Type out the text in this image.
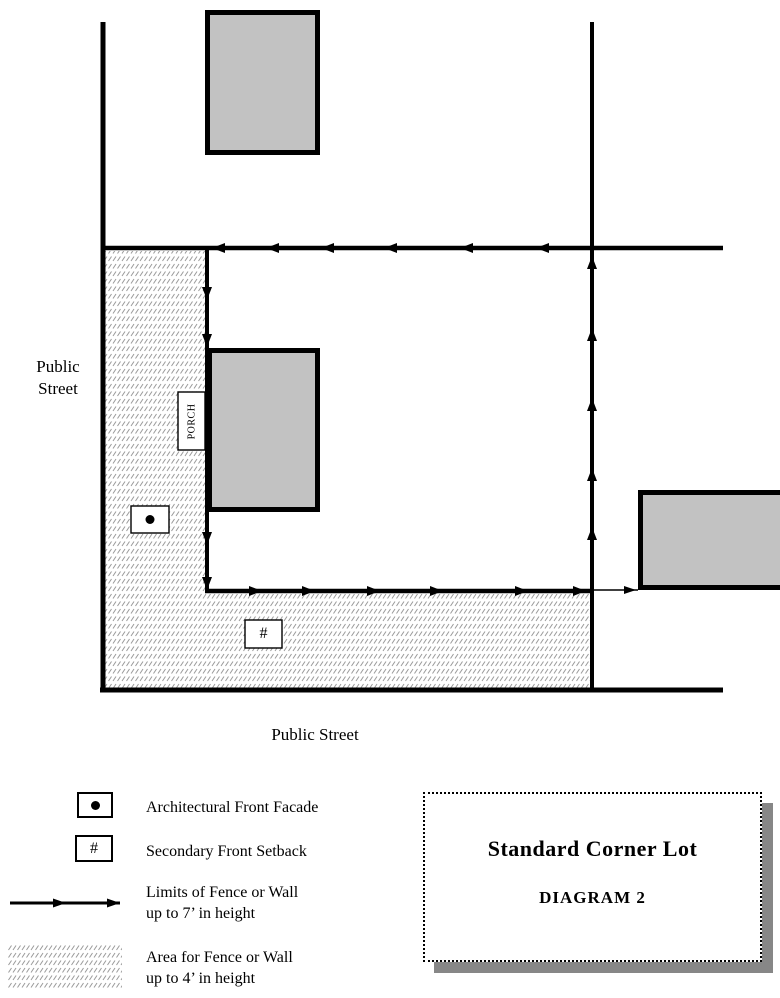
Public Street
Public Street
PORCH
#
Architectural Front Facade
#	Secondary Front Setback
Limits of Fence or Wall
up to 7’ in height
Area for Fence or Wall
up to 4’ in height
Standard Corner Lot
DIAGRAM 2
